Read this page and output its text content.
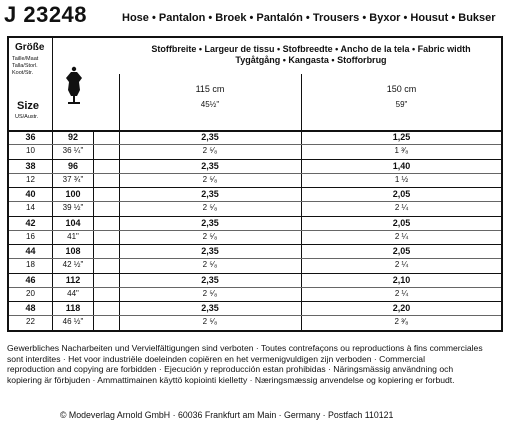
J 23248	Hose • Pantalon • Broek • Pantalón • Trousers • Byxor • Housut • Bukser
Größe
Taille/Maat
Talla/Storl.
Koot/Str.
Size
US/Austr.
Stoffbreite • Largeur de tissu • Stofbreedte • Ancho de la tela • Fabric width
Tygåtgång • Kangasta • Stofforbrug
115 cm
45½"
150 cm
59"
36
10
92
36 ¼"
2,35
2 ⁵⁄₈
1,25
1 ³⁄₈
38
12
96
37 ¾"
2,35
2 ⁵⁄₈
1,40
1 ½
40
14
100
39 ½"
2,35
2 ⁵⁄₈
2,05
2 ¼
42
16
104
41"
2,35
2 ⁵⁄₈
2,05
2 ¼
44
18
108
42 ½"
2,35
2 ⁵⁄₈
2,05
2 ¼
46
20
112
44"
2,35
2 ⁵⁄₈
2,10
2 ¼
48
22
118
46 ½"
2,35
2 ⁵⁄₈
2,20
2 ³⁄₈
Gewerbliches Nacharbeiten und Vervielfältigungen sind verboten · Toutes contrefaçons ou reproductions à fins commerciales
sont interdites · Het voor industriële doeleinden copiëren en het vermenigvuldigen zijn verboden · Commercial
reproduction and copying are forbidden · Ejecución y reproducción estan prohibidas · Näringsmässig användning och
kopiering är förbjuden · Ammattimainen käyttö kopiointi kielletty · Næringsmæssig anvendelse og kopiering er forbudt.
© Modeverlag Arnold GmbH · 60036 Frankfurt am Main · Germany · Postfach 110121
